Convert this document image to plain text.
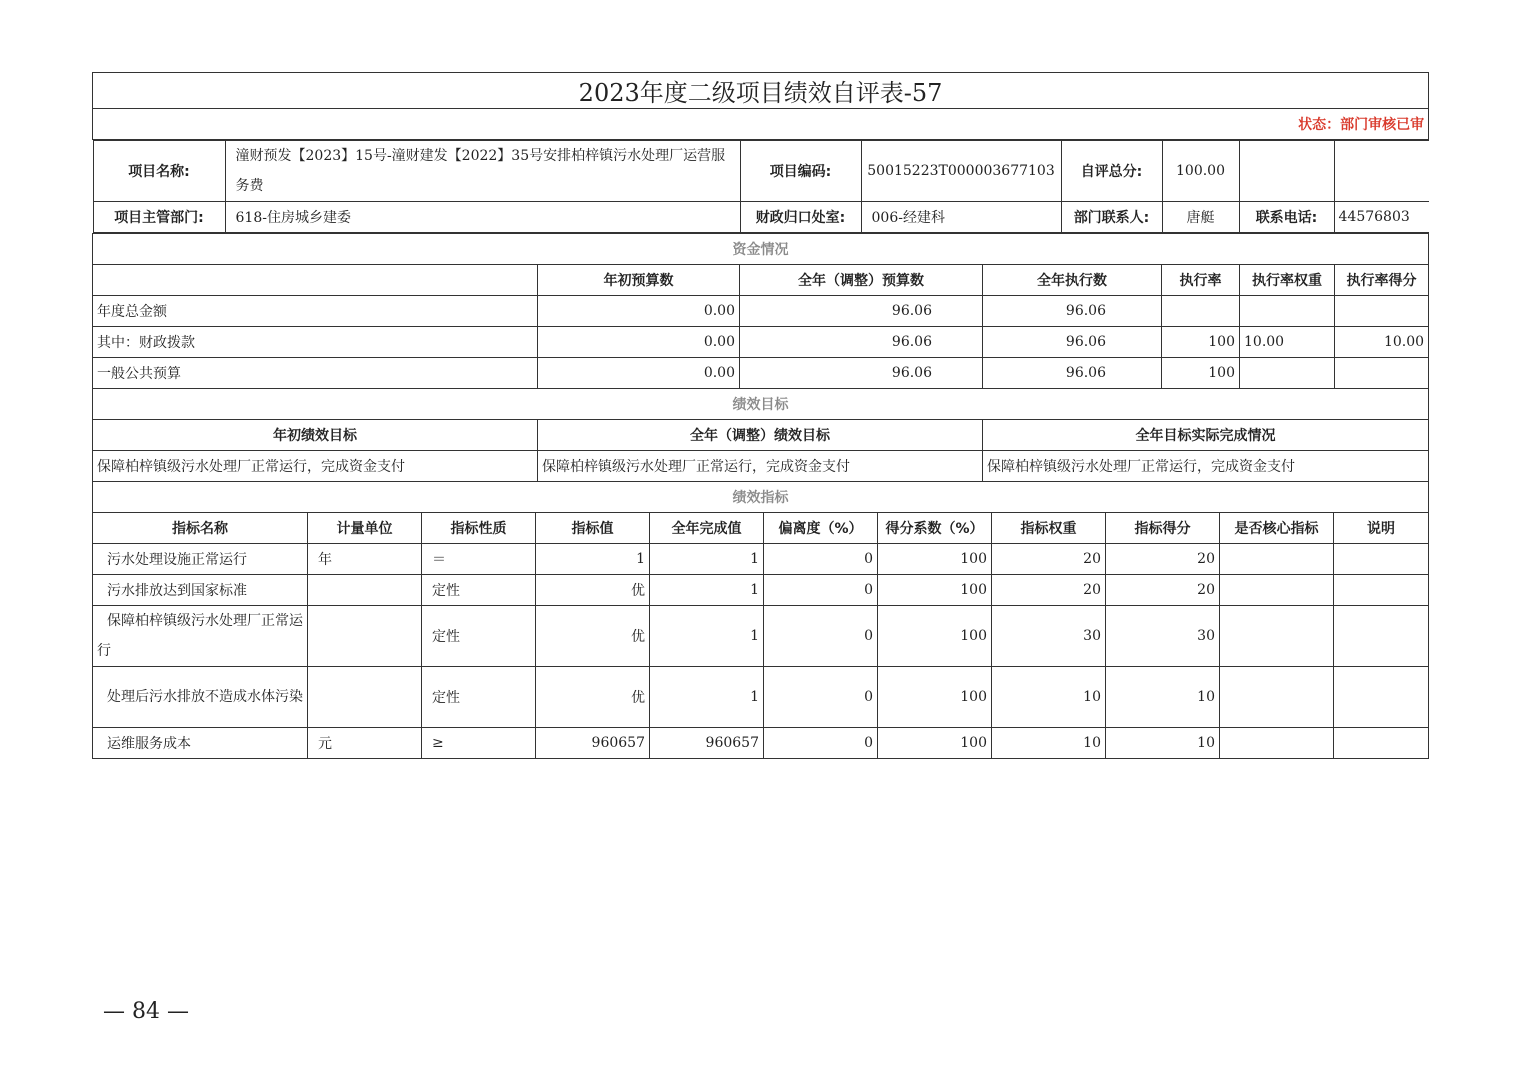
2023年度二级项目绩效自评表-57
状态：部门审核已审

项目名称:	潼财预发【2023】15号-潼财建发【2022】35号安排柏梓镇污水处理厂运营服务费	项目编码:	50015223T000003677103	自评总分:	100.00		
项目主管部门:	618-住房城乡建委	财政归口处室:	006-经建科	部门联系人:	唐艇	联系电话:	44576803

资金情况
	年初预算数	全年（调整）预算数	全年执行数	执行率	执行率权重	执行率得分
年度总金额	0.00	96.06	96.06			
其中：财政拨款	0.00	96.06	96.06	100	10.00	10.00
一般公共预算	0.00	96.06	96.06	100		
绩效目标
年初绩效目标	全年（调整）绩效目标	全年目标实际完成情况
保障柏梓镇级污水处理厂正常运行，完成资金支付	保障柏梓镇级污水处理厂正常运行，完成资金支付	保障柏梓镇级污水处理厂正常运行，完成资金支付
绩效指标		
指标名称	计量单位	指标性质	指标值	全年完成值	偏离度（%）	得分系数（%）	指标权重	指标得分	是否核心指标	说明
污水处理设施正常运行	年	＝	1	1	0	100	20	20		
污水排放达到国家标准		定性	优	1	0	100	20	20		
保障柏梓镇级污水处理厂正常运行		定性	优	1	0	100	30	30		
处理后污水排放不造成水体污染		定性	优	1	0	100	10	10		
运维服务成本	元	≥	960657	960657	0	100	10	10		
— 84 —
